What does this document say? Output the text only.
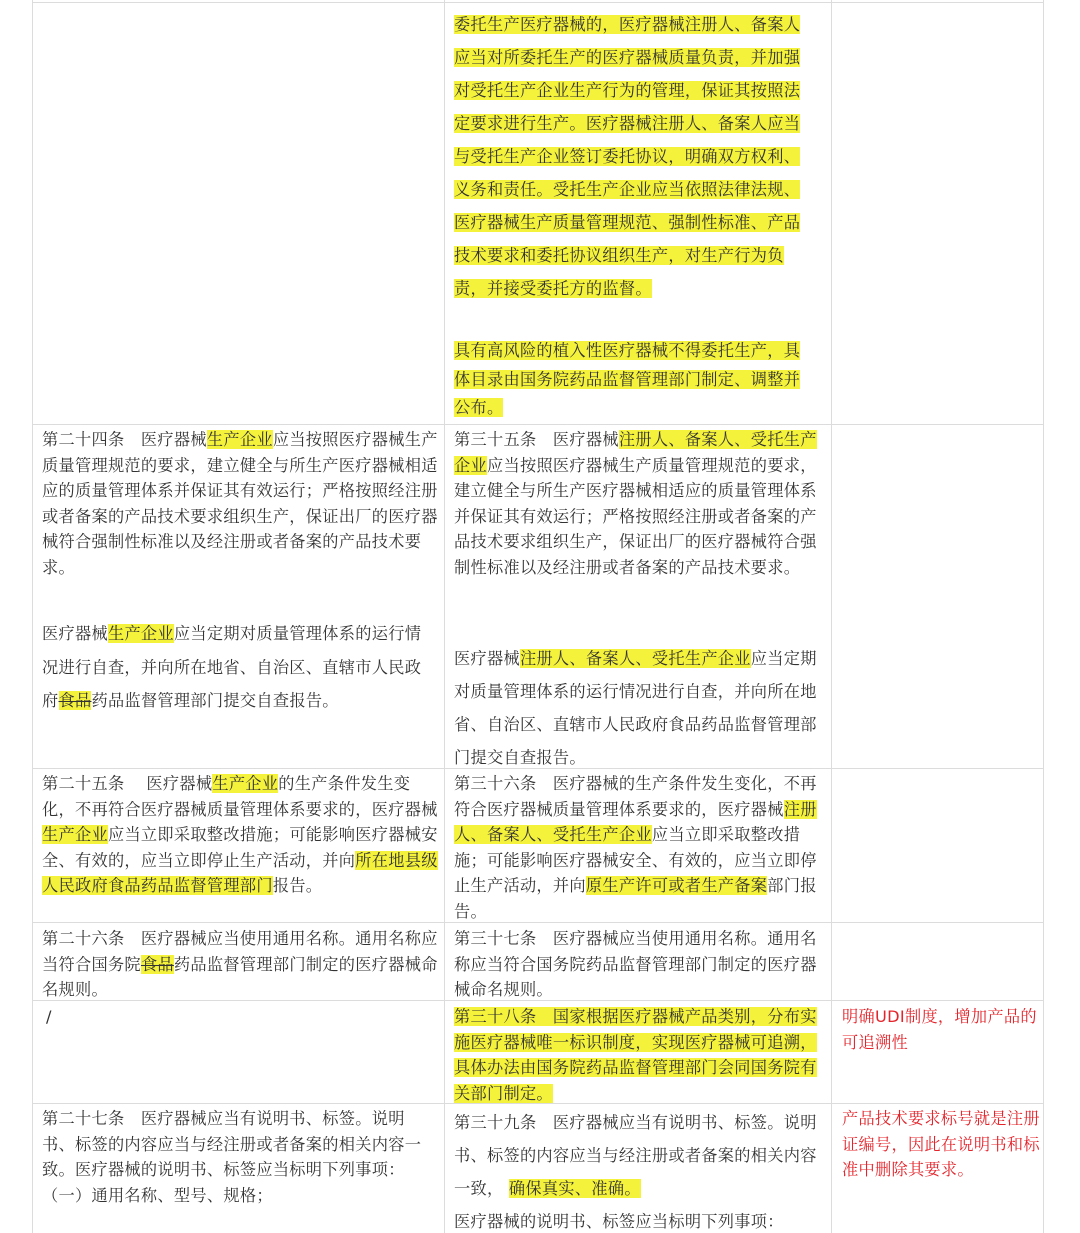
委托生产医疗器械的，医疗器械注册人、备案人应当对所委托生产的医疗器械质量负责，并加强对受托生产企业生产行为的管理，保证其按照法定要求进行生产。医疗器械注册人、备案人应当与受托生产企业签订委托协议，明确双方权利、义务和责任。受托生产企业应当依照法律法规、医疗器械生产质量管理规范、强制性标准、产品技术要求和委托协议组织生产，对生产行为负责，并接受委托方的监督。
具有高风险的植入性医疗器械不得委托生产，具体目录由国务院药品监督管理部门制定、调整并公布。
第二十四条　医疗器械生产企业应当按照医疗器械生产质量管理规范的要求，建立健全与所生产医疗器械相适应的质量管理体系并保证其有效运行；严格按照经注册或者备案的产品技术要求组织生产，保证出厂的医疗器械符合强制性标准以及经注册或者备案的产品技术要求。
医疗器械生产企业应当定期对质量管理体系的运行情况进行自查，并向所在地省、自治区、直辖市人民政府食品药品监督管理部门提交自查报告。
第三十五条　医疗器械注册人、备案人、受托生产企业应当按照医疗器械生产质量管理规范的要求，建立健全与所生产医疗器械相适应的质量管理体系并保证其有效运行；严格按照经注册或者备案的产品技术要求组织生产，保证出厂的医疗器械符合强制性标准以及经注册或者备案的产品技术要求。
医疗器械注册人、备案人、受托生产企业应当定期对质量管理体系的运行情况进行自查，并向所在地省、自治区、直辖市人民政府食品药品监督管理部门提交自查报告。
第二十五条　 医疗器械生产企业的生产条件发生变化，不再符合医疗器械质量管理体系要求的，医疗器械生产企业应当立即采取整改措施；可能影响医疗器械安全、有效的，应当立即停止生产活动，并向所在地县级人民政府食品药品监督管理部门报告。
第三十六条　医疗器械的生产条件发生变化，不再符合医疗器械质量管理体系要求的，医疗器械注册人、备案人、受托生产企业应当立即采取整改措施；可能影响医疗器械安全、有效的，应当立即停止生产活动，并向原生产许可或者生产备案部门报告。
第二十六条　医疗器械应当使用通用名称。通用名称应当符合国务院食品药品监督管理部门制定的医疗器械命名规则。
第三十七条　医疗器械应当使用通用名称。通用名称应当符合国务院药品监督管理部门制定的医疗器械命名规则。
/	第三十八条　国家根据医疗器械产品类别，分布实施医疗器械唯一标识制度，实现医疗器械可追溯，具体办法由国务院药品监督管理部门会同国务院有关部门制定。
明确UDI制度，增加产品的可追溯性
第二十七条　医疗器械应当有说明书、标签。说明书、标签的内容应当与经注册或者备案的相关内容一致。医疗器械的说明书、标签应当标明下列事项：
（一）通用名称、型号、规格；
第三十九条　医疗器械应当有说明书、标签。说明书、标签的内容应当与经注册或者备案的相关内容一致， 确保真实、准确。
医疗器械的说明书、标签应当标明下列事项：
产品技术要求标号就是注册证编号，因此在说明书和标准中删除其要求。
